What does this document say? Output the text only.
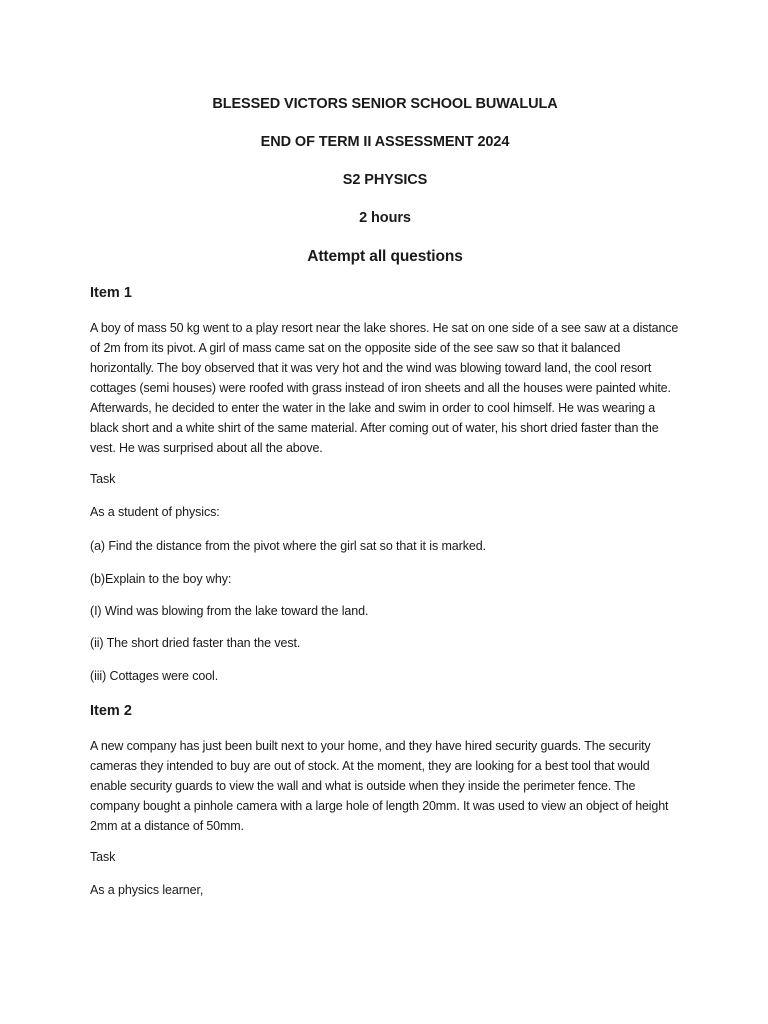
BLESSED VICTORS SENIOR SCHOOL BUWALULA
END OF TERM II ASSESSMENT 2024
S2 PHYSICS
2 hours
Attempt all questions
Item 1
A boy of mass 50 kg went to a play resort near the lake shores. He sat on one side of a see saw at a distance of 2m from its pivot. A girl of mass came sat on the opposite side of the see saw so that it balanced horizontally. The boy observed that it was very hot and the wind was blowing toward land, the cool resort cottages (semi houses) were roofed with grass instead of iron sheets and all the houses were painted white. Afterwards, he decided to enter the water in the lake and swim in order to cool himself. He was wearing a black short and a white shirt of the same material. After coming out of water, his short dried faster than the vest. He was surprised about all the above.
Task
As a student of physics:
(a) Find the distance from the pivot where the girl sat so that it is marked.
(b)Explain to the boy why:
(I) Wind was blowing from the lake toward the land.
(ii) The short dried faster than the vest.
(iii) Cottages were cool.
Item 2
A new company has just been built next to your home, and they have hired security guards. The security cameras they intended to buy are out of stock. At the moment, they are looking for a best tool that would enable security guards to view the wall and what is outside when they inside the perimeter fence. The company bought a pinhole camera with a large hole of length 20mm. It was used to view an object of height 2mm at a distance of 50mm.
Task
As a physics learner,
